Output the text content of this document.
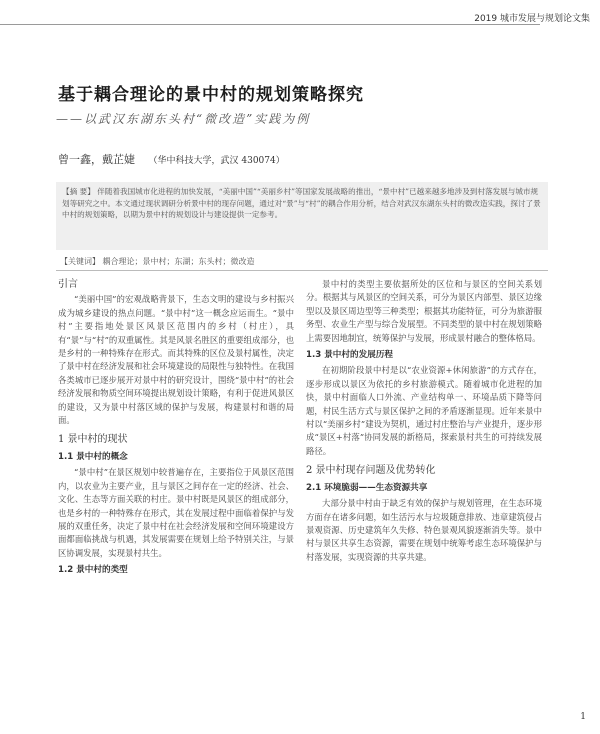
2019 城市发展与规划论文集
基于耦合理论的景中村的规划策略探究
——以武汉东湖东头村“微改造”实践为例
曾一鑫，戴芷婕 （华中科技大学，武汉 430074）

【摘 要】 伴随着我国城市化进程的加快发展，“美丽中国”“美丽乡村”等国家发展战略的推出，“景中村”已越来越多地涉及到村落发展与城市规划等研究之中。本文通过现状调研分析景中村的现存问题，通过对“景”与“村”的耦合作用分析，结合对武汉东湖东头村的微改造实践，探讨了景中村的规划策略，以期为景中村的规划设计与建设提供一定参考。

【关键词】 耦合理论；景中村；东湖；东头村；微改造
引言

“美丽中国”的宏观战略背景下，生态文明的建设与乡村振兴成为城乡建设的热点问题。“景中村”这一概念应运而生。“景中村”主要指地处景区风景区范围内的乡村（村庄），具有“景”与“村”的双重属性。其是风景名胜区的重要组成部分，也是乡村的一种特殊存在形式。而其特殊的区位及景村属性，决定了景中村在经济发展和社会环境建设的局限性与独特性。在我国各类城市已逐步展开对景中村的研究设计，围绕“景中村”的社会经济发展和物质空间环境提出规划设计策略，有利于促进风景区的建设，又为景中村落区域的保护与发展，构建景村和谐的局面。

1 景中村的现状
1.1 景中村的概念

“景中村”在景区规划中较普遍存在，主要指位于风景区范围内，以农业为主要产业，且与景区之间存在一定的经济、社会、文化、生态等方面关联的村庄。景中村既是风景区的组成部分，也是乡村的一种特殊存在形式，其在发展过程中面临着保护与发展的双重任务，决定了景中村在社会经济发展和空间环境建设方面都面临挑战与机遇，其发展需要在规划上给予特别关注，与景区协调发展，实现景村共生。

1.2 景中村的类型

景中村的类型主要依据所处的区位和与景区的空间关系划分。根据其与风景区的空间关系，可分为景区内部型、景区边缘型以及景区周边型等三种类型；根据其功能特征，可分为旅游服务型、农业生产型与综合发展型。不同类型的景中村在规划策略上需要因地制宜，统筹保护与发展，形成景村融合的整体格局。

1.3 景中村的发展历程

在初期阶段景中村是以“农业资源+休闲旅游”的方式存在，逐步形成以景区为依托的乡村旅游模式。随着城市化进程的加快，景中村面临人口外流、产业结构单一、环境品质下降等问题，村民生活方式与景区保护之间的矛盾逐渐显现。近年来景中村以“美丽乡村”建设为契机，通过村庄整治与产业提升，逐步形成“景区+村落”协同发展的新格局，探索景村共生的可持续发展路径。

2 景中村现存问题及优势转化
2.1 环境脆弱——生态资源共享

大部分景中村由于缺乏有效的保护与规划管理，在生态环境方面存在诸多问题，如生活污水与垃圾随意排放、违章建筑侵占景观资源、历史建筑年久失修、特色景观风貌逐渐消失等。景中村与景区共享生态资源，需要在规划中统筹考虑生态环境保护与村落发展，实现资源的共享共建。

1
